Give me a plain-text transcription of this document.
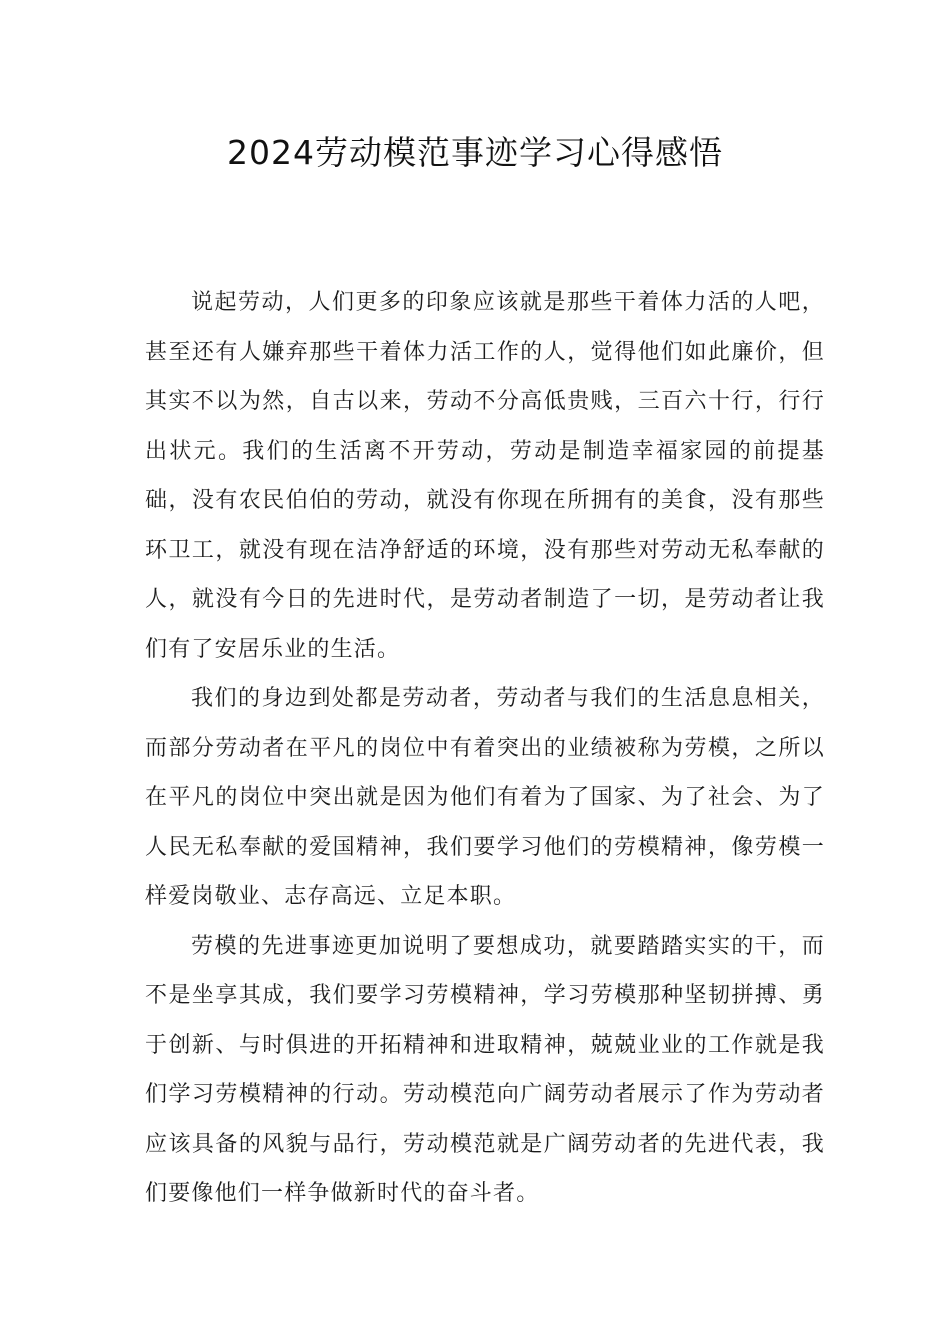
2024劳动模范事迹学习心得感悟

说起劳动，人们更多的印象应该就是那些干着体力活的人吧，甚至还有人嫌弃那些干着体力活工作的人，觉得他们如此廉价，但其实不以为然，自古以来，劳动不分高低贵贱，三百六十行，行行出状元。我们的生活离不开劳动，劳动是制造幸福家园的前提基础，没有农民伯伯的劳动，就没有你现在所拥有的美食，没有那些环卫工，就没有现在洁净舒适的环境，没有那些对劳动无私奉献的人，就没有今日的先进时代，是劳动者制造了一切，是劳动者让我们有了安居乐业的生活。

我们的身边到处都是劳动者，劳动者与我们的生活息息相关，而部分劳动者在平凡的岗位中有着突出的业绩被称为劳模，之所以在平凡的岗位中突出就是因为他们有着为了国家、为了社会、为了人民无私奉献的爱国精神，我们要学习他们的劳模精神，像劳模一样爱岗敬业、志存高远、立足本职。

劳模的先进事迹更加说明了要想成功，就要踏踏实实的干，而不是坐享其成，我们要学习劳模精神，学习劳模那种坚韧拼搏、勇于创新、与时俱进的开拓精神和进取精神，兢兢业业的工作就是我们学习劳模精神的行动。劳动模范向广阔劳动者展示了作为劳动者应该具备的风貌与品行，劳动模范就是广阔劳动者的先进代表，我们要像他们一样争做新时代的奋斗者。
